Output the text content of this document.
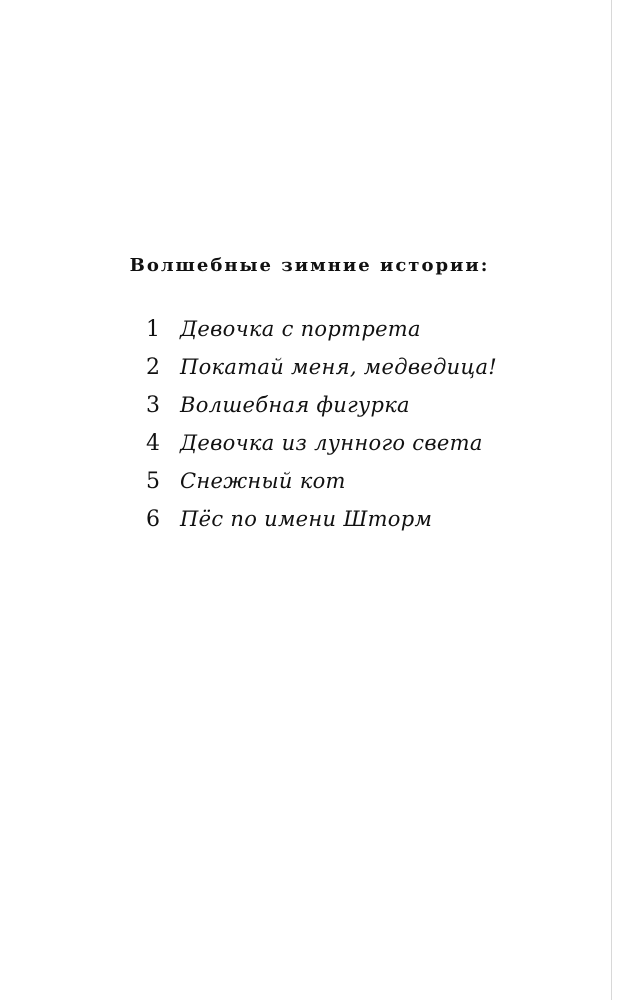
Волшебные зимние истории:
1 Девочка с портрета
2 Покатай меня, медведица!
3 Волшебная фигурка
4 Девочка из лунного света
5 Снежный кот
6 Пёс по имени Шторм
